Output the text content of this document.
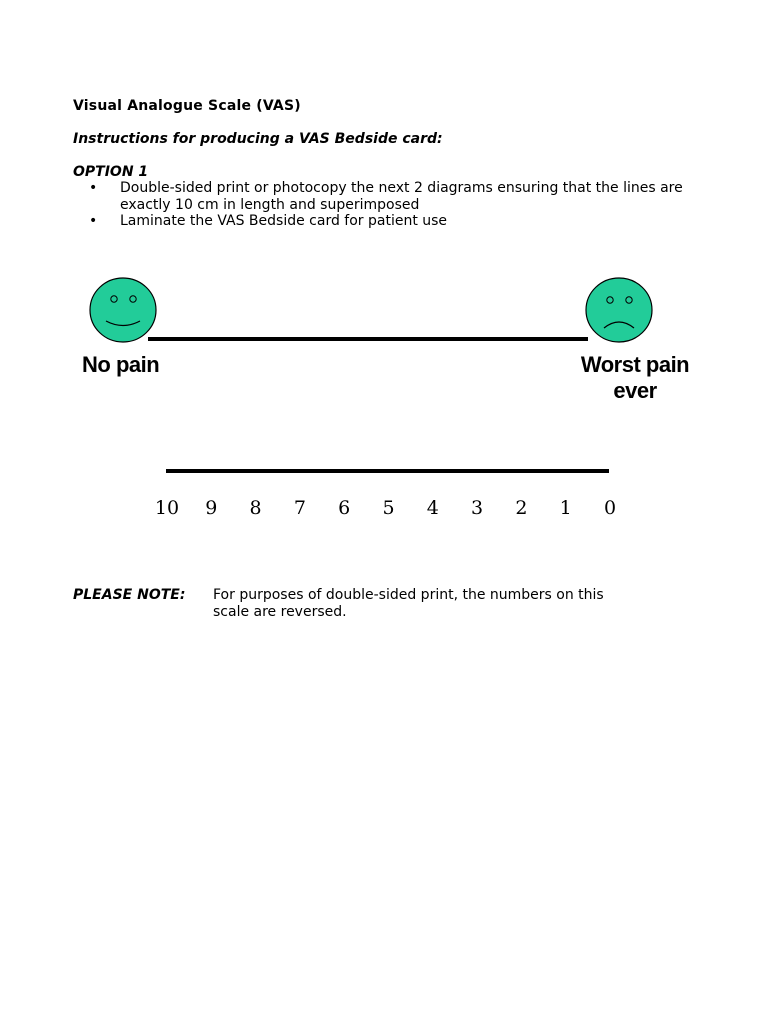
Visual Analogue Scale (VAS)
Instructions for producing a VAS Bedside card:
OPTION 1
• Double-sided print or photocopy the next 2 diagrams ensuring that the lines are exactly 10 cm in length and superimposed
• Laminate the VAS Bedside card for patient use
No pain	Worst pain
ever
10	9	8	7	6	5	4	3	2	1	0
PLEASE NOTE: For purposes of double-sided print, the numbers on this scale are reversed.
